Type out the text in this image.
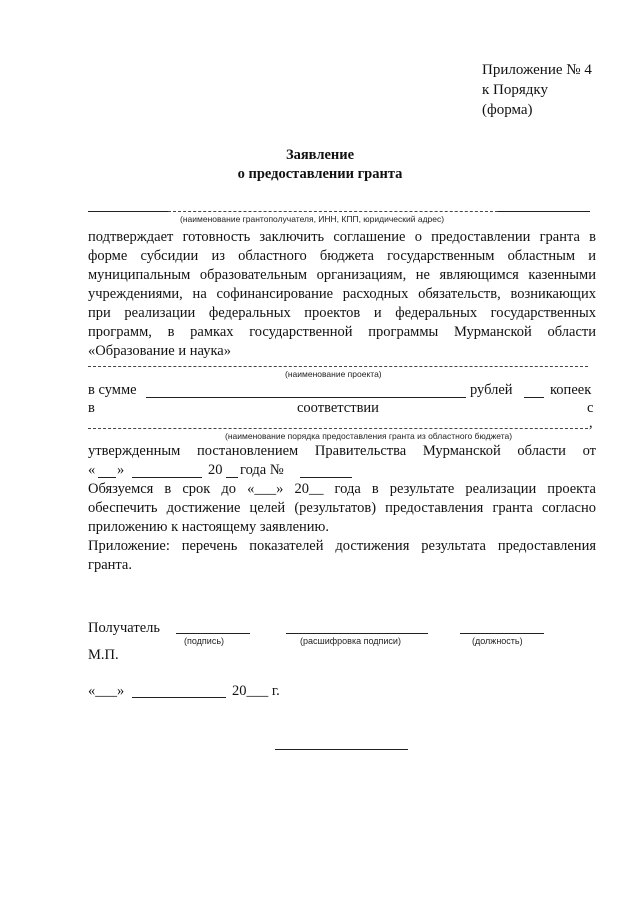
Приложение № 4
к Порядку
(форма)
Заявление
о предоставлении гранта
(наименование грантополучателя, ИНН, КПП, юридический адрес)
подтверждает готовность заключить соглашение о предоставлении гранта в
форме субсидии из областного бюджета государственным областным и
муниципальным образовательным организациям, не являющимся казенными
учреждениями, на софинансирование расходных обязательств, возникающих
при реализации федеральных проектов и федеральных государственных
программ, в рамках государственной программы Мурманской области
«Образование и наука»
(наименование проекта)
в сумме	рублей	копеек
в	соответствии	с
,
(наименование порядка предоставления гранта из областного бюджета)
утвержденным постановлением Правительства Мурманской области от
« »	20 года №
Обязуемся в срок до «___» 20__ года в результате реализации проекта
обеспечить достижение целей (результатов) предоставления гранта согласно
приложению к настоящему заявлению.
Приложение: перечень показателей достижения результата предоставления
гранта.
Получатель
(подпись)	(расшифровка подписи)	(должность)
М.П.
«___»	20___ г.
